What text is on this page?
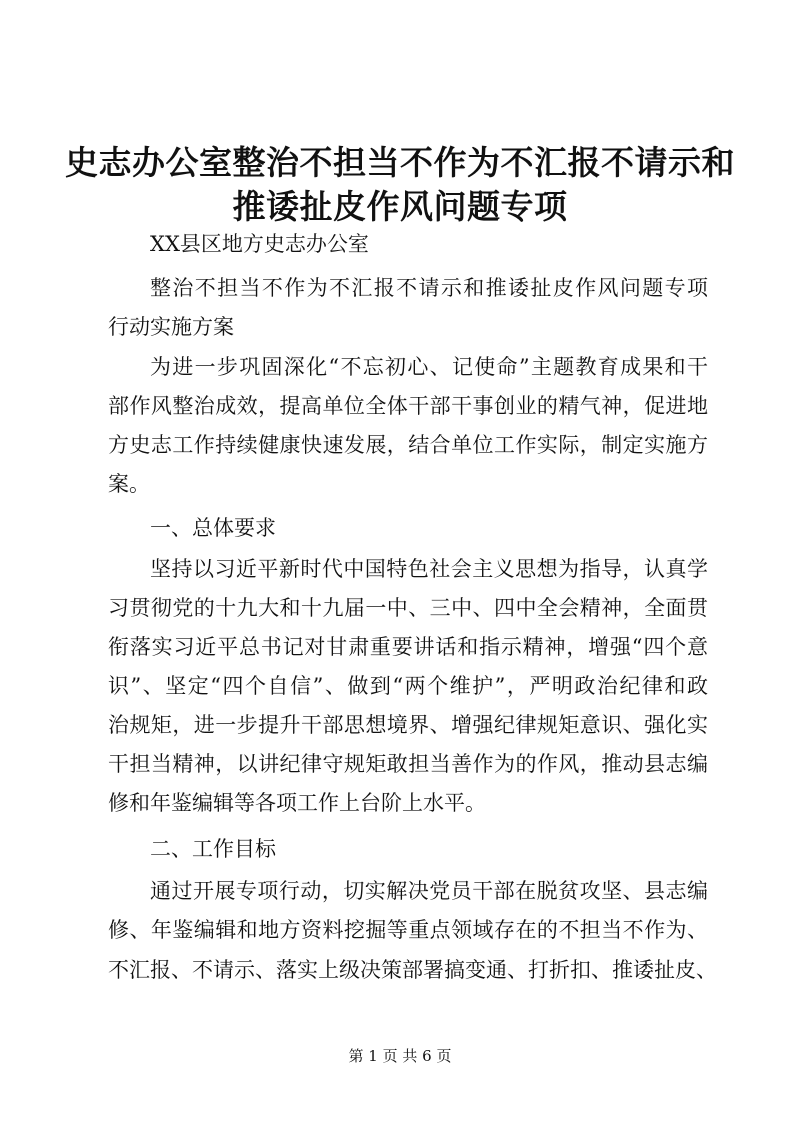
史志办公室整治不担当不作为不汇报不请示和
推诿扯皮作风问题专项

XX县区地方史志办公室

整治不担当不作为不汇报不请示和推诿扯皮作风问题专项

行动实施方案

为进一步巩固深化“不忘初心、记使命”主题教育成果和干

部作风整治成效，提高单位全体干部干事创业的精气神，促进地

方史志工作持续健康快速发展，结合单位工作实际，制定实施方

案。

一、总体要求

坚持以习近平新时代中国特色社会主义思想为指导，认真学

习贯彻党的十九大和十九届一中、三中、四中全会精神，全面贯

衔落实习近平总书记对甘肃重要讲话和指示精神，增强“四个意

识”、坚定“四个自信”、做到“两个维护”，严明政治纪律和政

治规矩，进一步提升干部思想境界、增强纪律规矩意识、强化实

干担当精神，以讲纪律守规矩敢担当善作为的作风，推动县志编

修和年鉴编辑等各项工作上台阶上水平。

二、工作目标

通过开展专项行动，切实解决党员干部在脱贫攻坚、县志编

修、年鉴编辑和地方资料挖掘等重点领域存在的不担当不作为、

不汇报、不请示、落实上级决策部署搞变通、打折扣、推诿扯皮、

第 1 页 共 6 页
